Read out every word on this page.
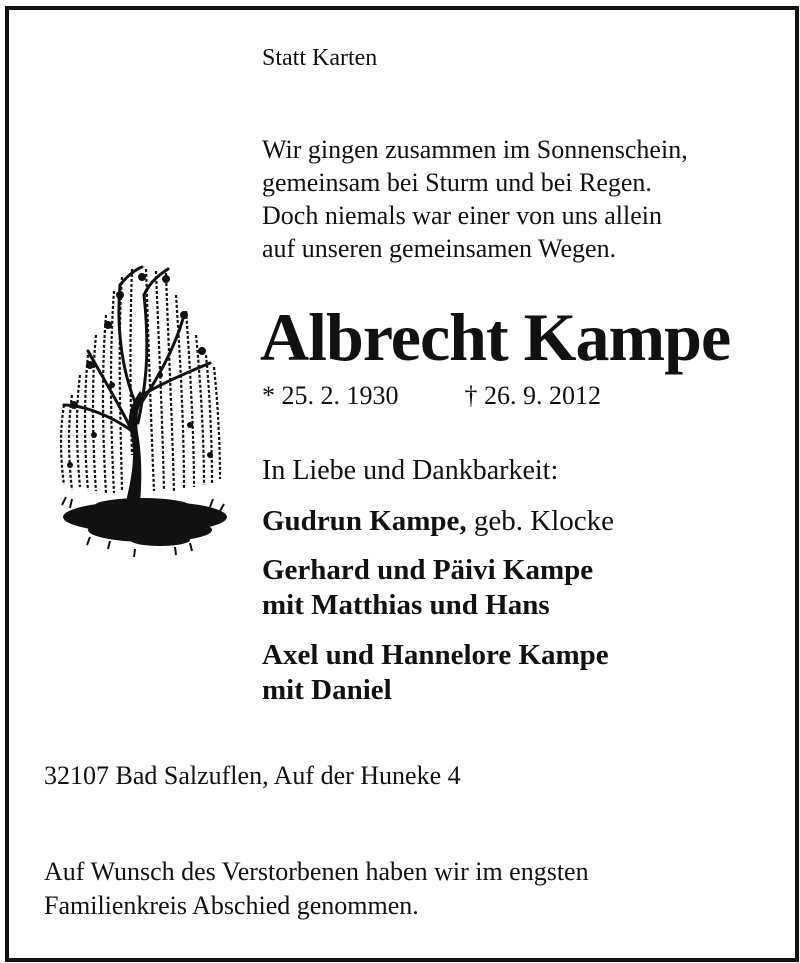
Statt Karten
Wir gingen zusammen im Sonnenschein,
gemeinsam bei Sturm und bei Regen.
Doch niemals war einer von uns allein
auf unseren gemeinsamen Wegen.
Albrecht Kampe
* 25. 2. 1930	† 26. 9. 2012
In Liebe und Dankbarkeit:
Gudrun Kampe, geb. Klocke
Gerhard und Päivi Kampe
mit Matthias und Hans
Axel und Hannelore Kampe
mit Daniel
32107 Bad Salzuflen, Auf der Huneke 4
Auf Wunsch des Verstorbenen haben wir im engsten
Familienkreis Abschied genommen.
